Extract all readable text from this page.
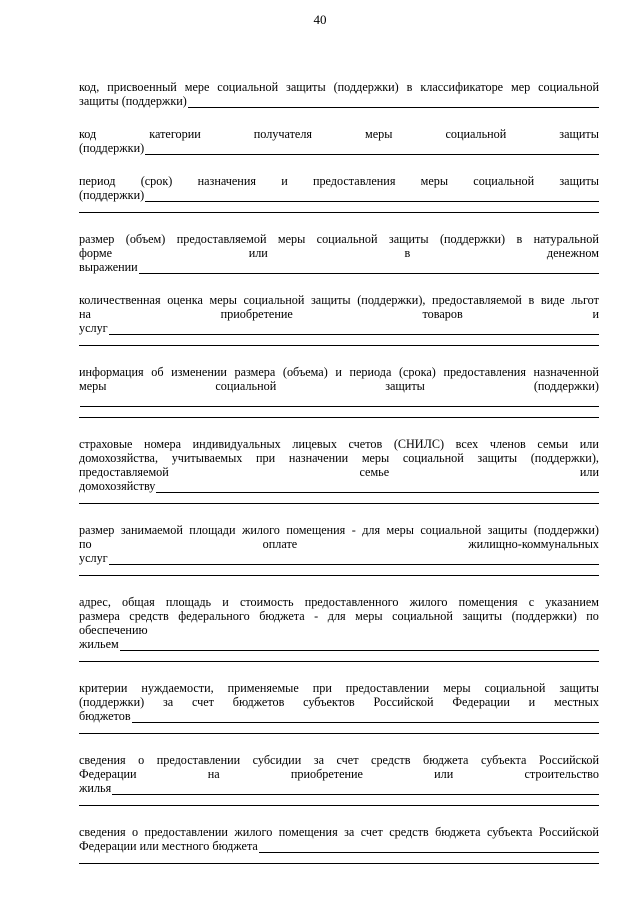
40
код, присвоенный мере социальной защиты (поддержки) в классификаторе мер социальной
защиты (поддержки)
код	категории	получателя	меры	социальной	защиты
(поддержки)
период (срок) назначения и предоставления меры социальной защиты
(поддержки)
размер (объем) предоставляемой меры социальной защиты (поддержки) в натуральной
форме	или	в	денежном
выражении
количественная оценка меры социальной защиты (поддержки), предоставляемой в виде льгот
на	приобретение	товаров	и
услуг
информация об изменении размера (объема) и периода (срока) предоставления назначенной
меры	социальной	защиты	(поддержки)
страховые номера индивидуальных лицевых счетов (СНИЛС) всех членов семьи или
домохозяйства, учитываемых при назначении меры социальной защиты (поддержки),
предоставляемой	семье	или
домохозяйству
размер занимаемой площади жилого помещения - для меры социальной защиты (поддержки)
по	оплате	жилищно-коммунальных
услуг
адрес, общая площадь и стоимость предоставленного жилого помещения с указанием
размера средств федерального бюджета - для меры социальной защиты (поддержки) по
обеспечению
жильем
критерии нуждаемости, применяемые при предоставлении меры социальной защиты
(поддержки) за счет бюджетов субъектов Российской Федерации и местных
бюджетов
сведения о предоставлении субсидии за счет средств бюджета субъекта Российской
Федерации	на	приобретение	или	строительство
жилья
сведения о предоставлении жилого помещения за счет средств бюджета субъекта Российской
Федерации или местного бюджета
